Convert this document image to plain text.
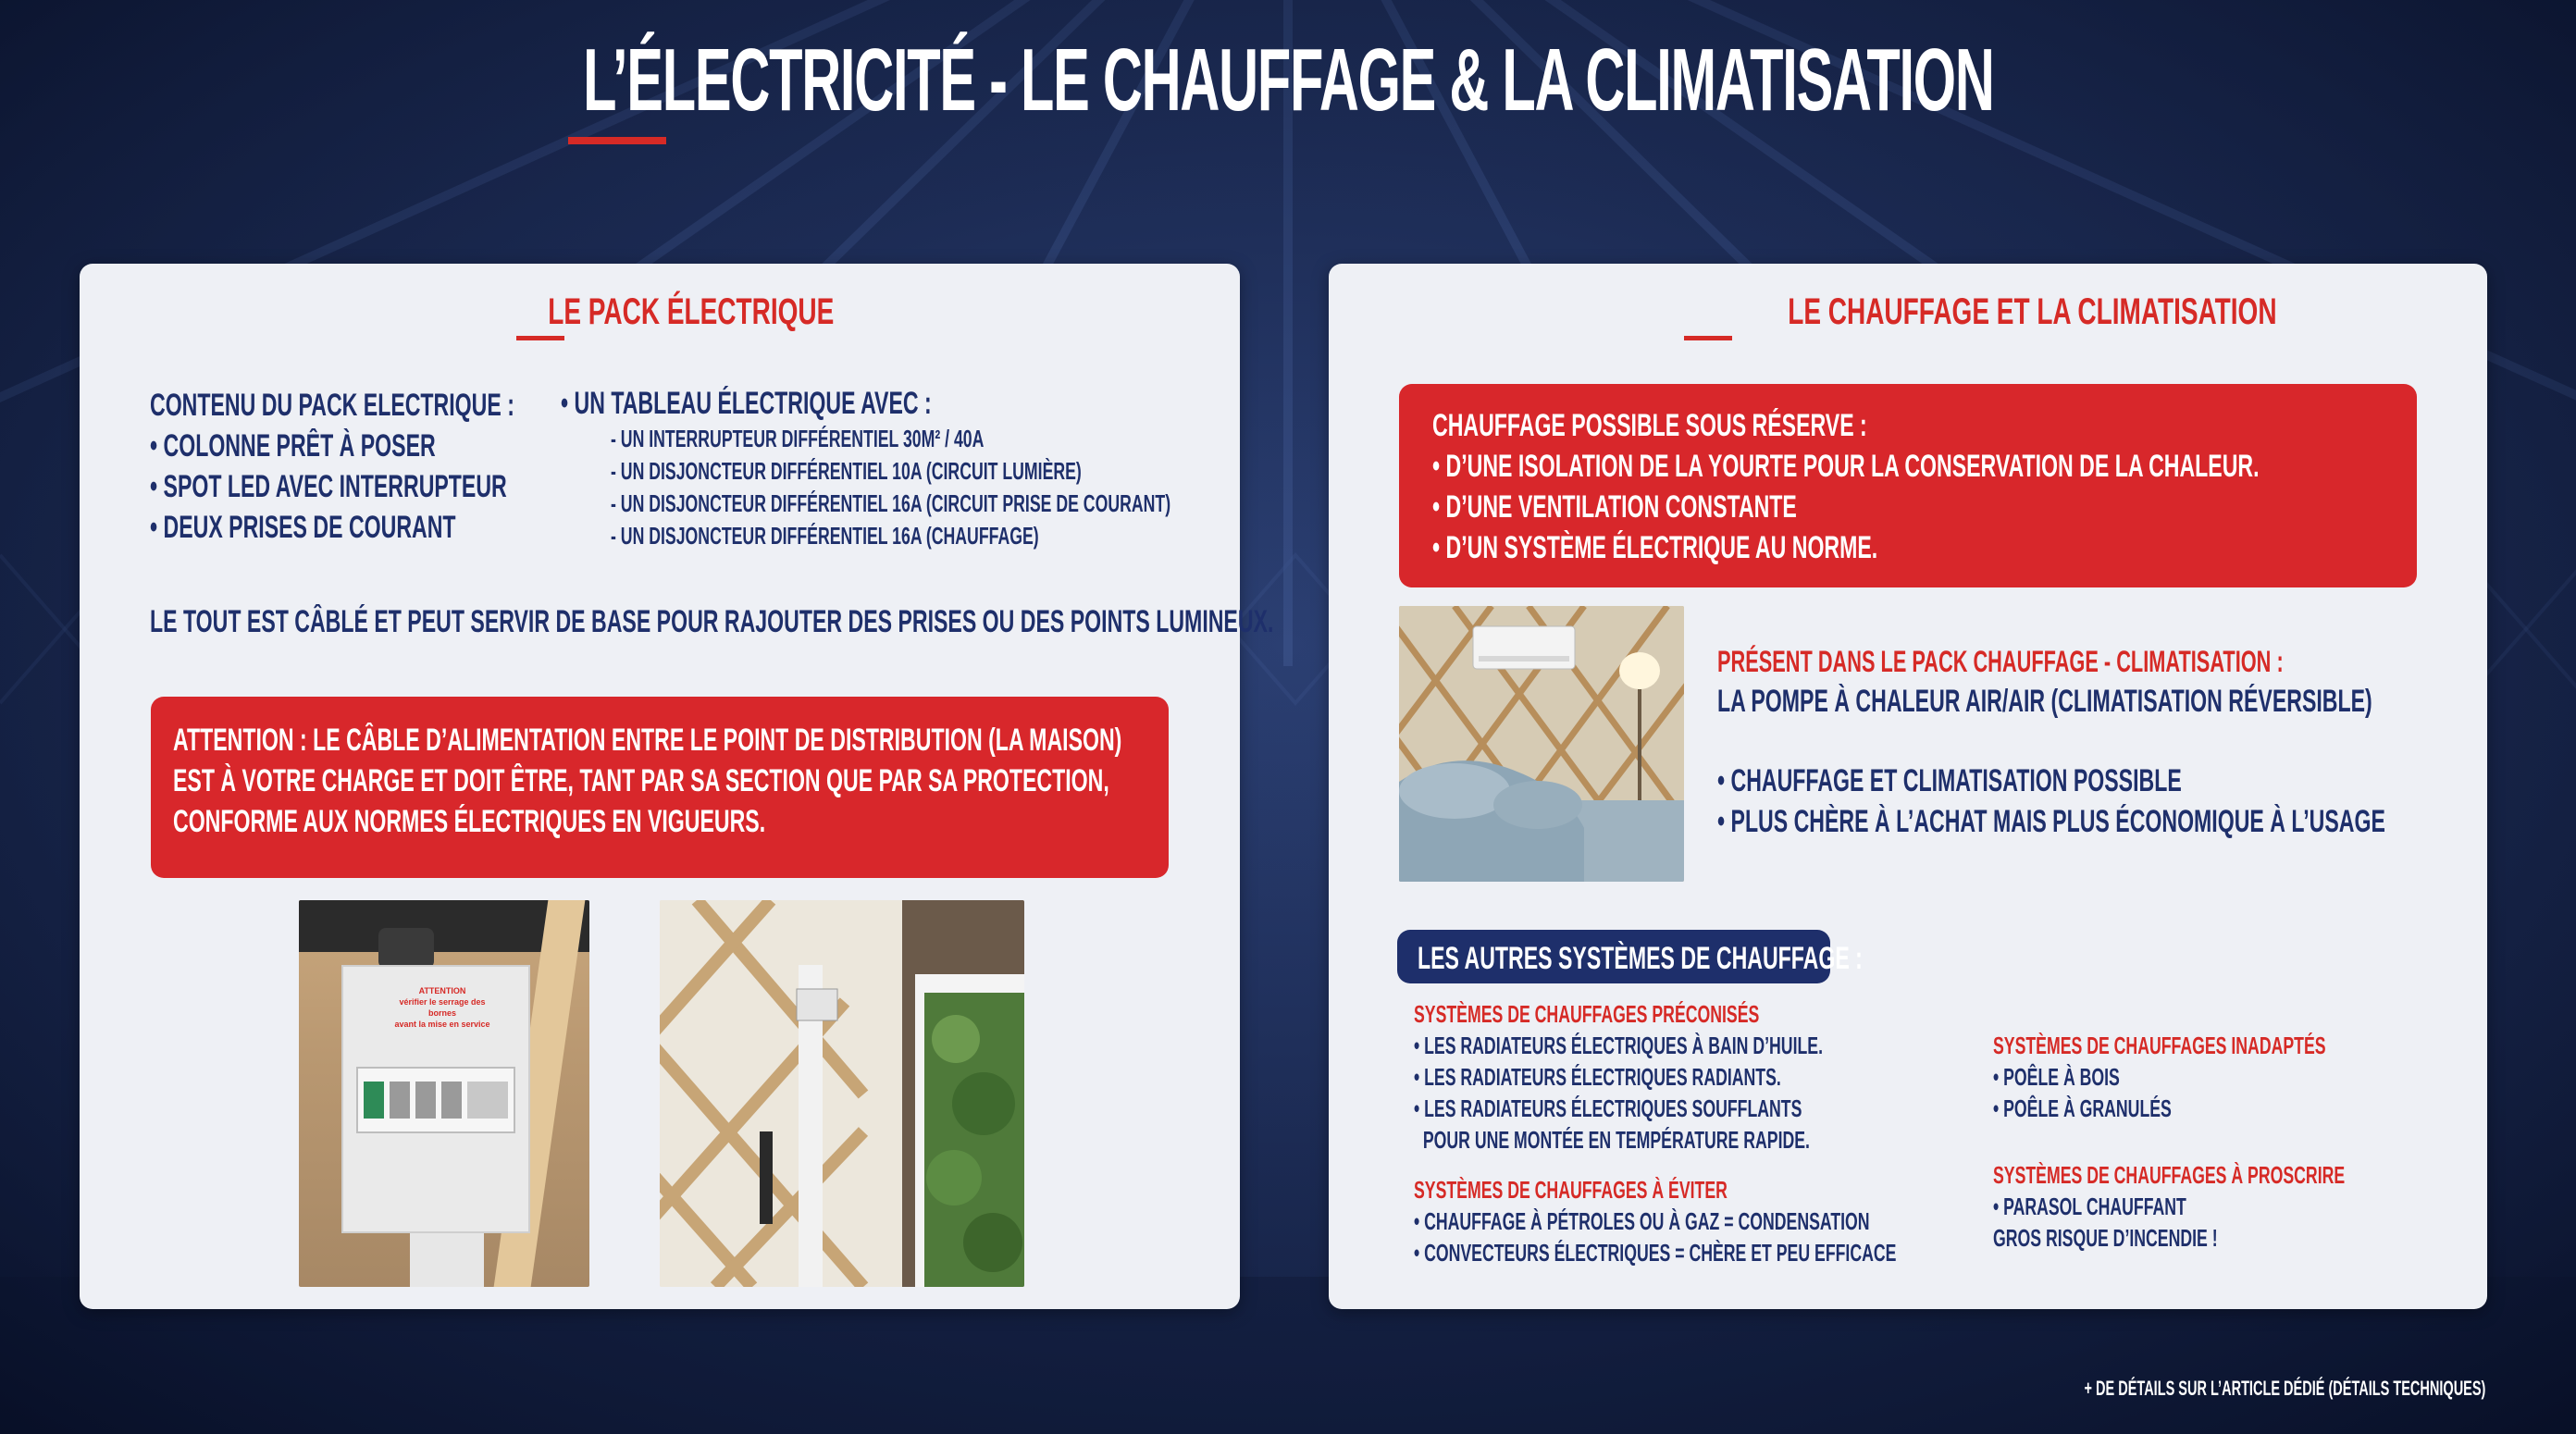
L’ÉLECTRICITÉ - LE CHAUFFAGE & LA CLIMATISATION
LE PACK ÉLECTRIQUE
CONTENU DU PACK ELECTRIQUE :
• COLONNE PRÊT À POSER
• SPOT LED AVEC INTERRUPTEUR
• DEUX PRISES DE COURANT
• UN TABLEAU ÉLECTRIQUE AVEC :
- UN INTERRUPTEUR DIFFÉRENTIEL 30M² / 40A
- UN DISJONCTEUR DIFFÉRENTIEL 10A (CIRCUIT LUMIÈRE)
- UN DISJONCTEUR DIFFÉRENTIEL 16A (CIRCUIT PRISE DE COURANT)
- UN DISJONCTEUR DIFFÉRENTIEL 16A (CHAUFFAGE)
LE TOUT EST CÂBLÉ ET PEUT SERVIR DE BASE POUR RAJOUTER DES PRISES OU DES POINTS LUMINEUX.
ATTENTION : LE CÂBLE D’ALIMENTATION ENTRE LE POINT DE DISTRIBUTION (LA MAISON)
EST À VOTRE CHARGE ET DOIT ÊTRE, TANT PAR SA SECTION QUE PAR SA PROTECTION,
CONFORME AUX NORMES ÉLECTRIQUES EN VIGUEURS.
ATTENTION
vérifier le serrage des
bornes
avant la mise en service
LE CHAUFFAGE ET LA CLIMATISATION
CHAUFFAGE POSSIBLE SOUS RÉSERVE :
• D’UNE ISOLATION DE LA YOURTE POUR LA CONSERVATION DE LA CHALEUR.
• D’UNE VENTILATION CONSTANTE
• D’UN SYSTÈME ÉLECTRIQUE AU NORME.
PRÉSENT DANS LE PACK CHAUFFAGE - CLIMATISATION :
LA POMPE À CHALEUR AIR/AIR (CLIMATISATION RÉVERSIBLE)
• CHAUFFAGE ET CLIMATISATION POSSIBLE
• PLUS CHÈRE À L’ACHAT MAIS PLUS ÉCONOMIQUE À L’USAGE
LES AUTRES SYSTÈMES DE CHAUFFAGE :
SYSTÈMES DE CHAUFFAGES PRÉCONISÉS
• LES RADIATEURS ÉLECTRIQUES À BAIN D’HUILE.
• LES RADIATEURS ÉLECTRIQUES RADIANTS.
• LES RADIATEURS ÉLECTRIQUES SOUFFLANTS
POUR UNE MONTÉE EN TEMPÉRATURE RAPIDE.
SYSTÈMES DE CHAUFFAGES À ÉVITER
• CHAUFFAGE À PÉTROLES OU À GAZ = CONDENSATION
• CONVECTEURS ÉLECTRIQUES = CHÈRE ET PEU EFFICACE
SYSTÈMES DE CHAUFFAGES INADAPTÉS
• POÊLE À BOIS
• POÊLE À GRANULÉS
SYSTÈMES DE CHAUFFAGES À PROSCRIRE
• PARASOL CHAUFFANT
GROS RISQUE D’INCENDIE !
+ DE DÉTAILS SUR L’ARTICLE DÉDIÉ (DÉTAILS TECHNIQUES)
